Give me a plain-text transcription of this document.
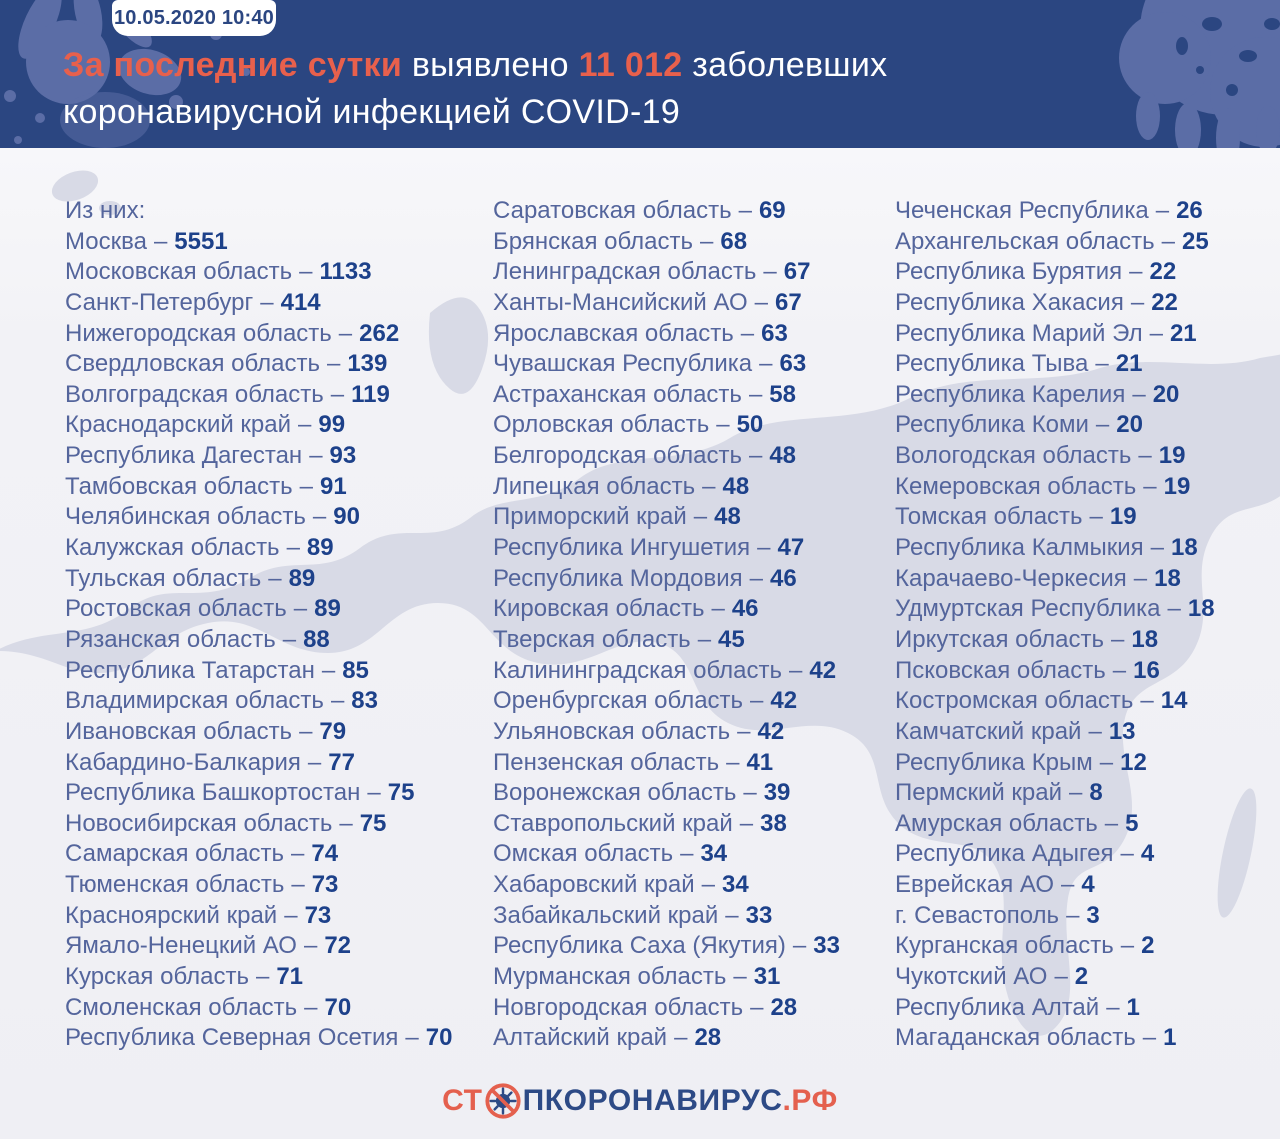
10.05.2020 10:40
За последние сутки выявлено 11 012 заболевших
коронавирусной инфекцией COVID-19
Из них:
Москва – 5551
Московская область – 1133
Санкт-Петербург – 414
Нижегородская область – 262
Свердловская область – 139
Волгоградская область – 119
Краснодарский край – 99
Республика Дагестан – 93
Тамбовская область – 91
Челябинская область – 90
Калужская область – 89
Тульская область – 89
Ростовская область – 89
Рязанская область – 88
Республика Татарстан – 85
Владимирская область – 83
Ивановская область – 79
Кабардино-Балкария – 77
Республика Башкортостан – 75
Новосибирская область – 75
Самарская область – 74
Тюменская область – 73
Красноярский край – 73
Ямало-Ненецкий АО – 72
Курская область – 71
Смоленская область – 70
Республика Северная Осетия – 70
Саратовская область – 69
Брянская область – 68
Ленинградская область – 67
Ханты-Мансийский АО – 67
Ярославская область – 63
Чувашская Республика – 63
Астраханская область – 58
Орловская область – 50
Белгородская область – 48
Липецкая область – 48
Приморский край – 48
Республика Ингушетия – 47
Республика Мордовия – 46
Кировская область – 46
Тверская область – 45
Калининградская область – 42
Оренбургская область – 42
Ульяновская область – 42
Пензенская область – 41
Воронежская область – 39
Ставропольский край – 38
Омская область – 34
Хабаровский край – 34
Забайкальский край – 33
Республика Саха (Якутия) – 33
Мурманская область – 31
Новгородская область – 28
Алтайский край – 28
Чеченская Республика – 26
Архангельская область – 25
Республика Бурятия – 22
Республика Хакасия – 22
Республика Марий Эл – 21
Республика Тыва – 21
Республика Карелия – 20
Республика Коми – 20
Вологодская область – 19
Кемеровская область – 19
Томская область – 19
Республика Калмыкия – 18
Карачаево-Черкесия – 18
Удмуртская Республика – 18
Иркутская область – 18
Псковская область – 16
Костромская область – 14
Камчатский край – 13
Республика Крым – 12
Пермский край – 8
Амурская область – 5
Республика Адыгея – 4
Еврейская АО – 4
г. Севастополь – 3
Курганская область – 2
Чукотский АО – 2
Республика Алтай – 1
Магаданская область – 1
СТ ПКОРОНАВИРУС .РФ
